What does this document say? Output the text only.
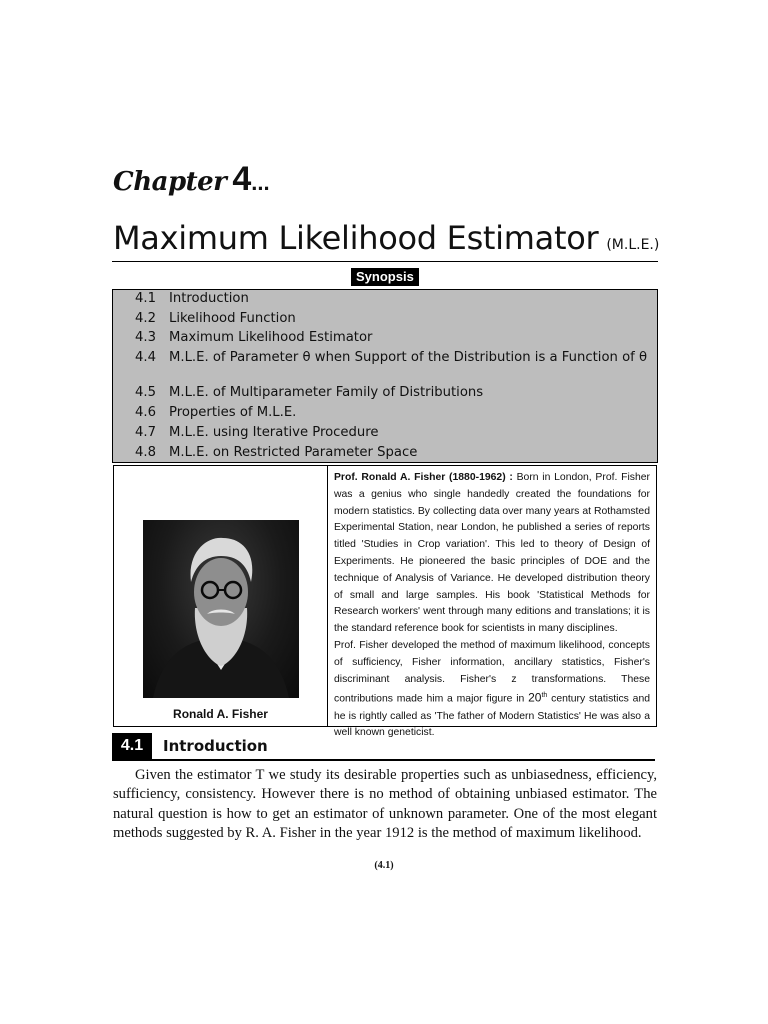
Chapter 4 ...
Maximum Likelihood Estimator (M.L.E.)
Synopsis
4.1 Introduction
4.2 Likelihood Function
4.3 Maximum Likelihood Estimator
4.4 M.L.E. of Parameter θ when Support of the Distribution is a Function of θ
4.5 M.L.E. of Multiparameter Family of Distributions
4.6 Properties of M.L.E.
4.7 M.L.E. using Iterative Procedure
4.8 M.L.E. on Restricted Parameter Space
Ronald A. Fisher

Prof. Ronald A. Fisher (1880-1962) : Born in London, Prof. Fisher was a genius who single handedly created the foundations for modern statistics. By collecting data over many years at Rothamsted Experimental Station, near London, he published a series of reports titled 'Studies in Crop variation'. This led to theory of Design of Experiments. He pioneered the basic principles of DOE and the technique of Analysis of Variance. He developed distribution theory of small and large samples. His book 'Statistical Methods for Research workers' went through many editions and translations; it is the standard reference book for scientists in many disciplines.

Prof. Fisher developed the method of maximum likelihood, concepts of sufficiency, Fisher information, ancillary statistics, Fisher's discriminant analysis. Fisher's z transformations. These contributions made him a major figure in 20th century statistics and he is rightly called as 'The father of Modern Statistics' He was also a well known geneticist.

4.1	Introduction

Given the estimator T we study its desirable properties such as unbiasedness, efficiency, sufficiency, consistency. However there is no method of obtaining unbiased estimator. The natural question is how to get an estimator of unknown parameter. One of the most elegant methods suggested by R. A. Fisher in the year 1912 is the method of maximum likelihood.

(4.1)
